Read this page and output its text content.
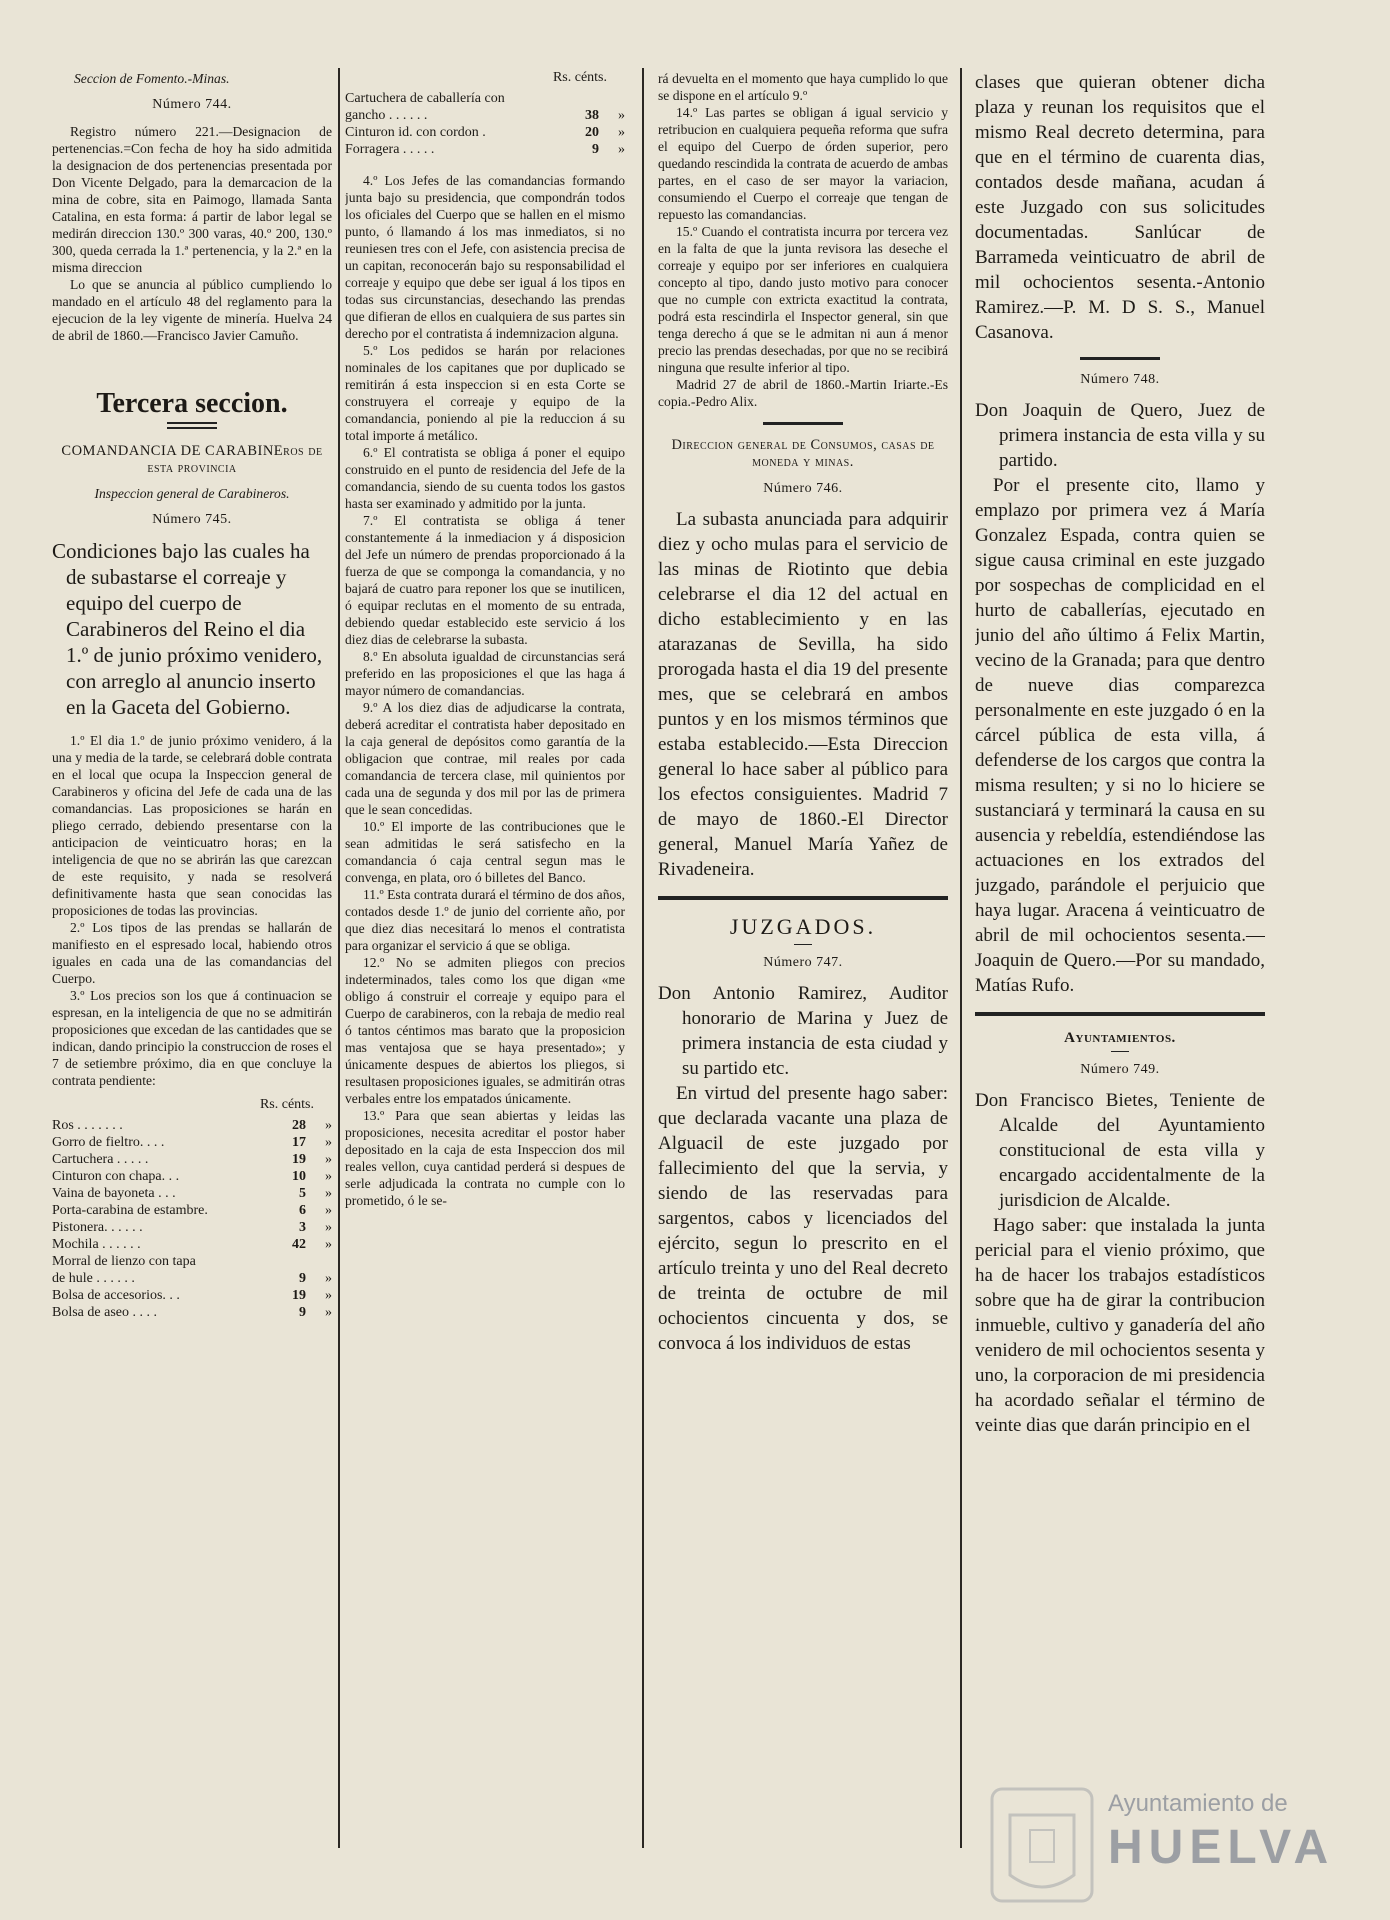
Seccion de Fomento.-Minas.

Número 744.

Registro número 221.—Designacion de pertenencias.=Con fecha de hoy ha sido admitida la designacion de dos pertenencias presentada por Don Vicente Delgado, para la demarcacion de la mina de cobre, sita en Paimogo, llamada Santa Catalina, en esta forma: á partir de labor legal se medirán direccion 130.º 300 varas, 40.º 200, 130.º 300, queda cerrada la 1.ª pertenencia, y la 2.ª en la misma direccion

Lo que se anuncia al público cumpliendo lo mandado en el artículo 48 del reglamento para la ejecucion de la ley vigente de minería. Huelva 24 de abril de 1860.—Francisco Javier Camuño.

Tercera seccion.

COMANDANCIA DE CARABINEros de esta provincia

Inspeccion general de Carabineros.

Número 745.

Condiciones bajo las cuales ha de subastarse el correaje y equipo del cuerpo de Carabineros del Reino el dia 1.º de junio próximo venidero, con arreglo al anuncio inserto en la Gaceta del Gobierno.

1.º El dia 1.º de junio próximo venidero, á la una y media de la tarde, se celebrará doble contrata en el local que ocupa la Inspeccion general de Carabineros y oficina del Jefe de cada una de las comandancias. Las proposiciones se harán en pliego cerrado, debiendo presentarse con la anticipacion de veinticuatro horas; en la inteligencia de que no se abrirán las que carezcan de este requisito, y nada se resolverá definitivamente hasta que sean conocidas las proposiciones de todas las provincias.

2.º Los tipos de las prendas se hallarán de manifiesto en el espresado local, habiendo otros iguales en cada una de las comandancias del Cuerpo.

3.º Los precios son los que á continuacion se espresan, en la inteligencia de que no se admitirán proposiciones que excedan de las cantidades que se indican, dando principio la construccion de roses el 7 de setiembre próximo, dia en que concluye la contrata pendiente:

Rs. cénts.
Ros . . . . . . .	28	»
Gorro de fieltro. . . .	17	»
Cartuchera . . . . .	19	»
Cinturon con chapa. . .	10	»
Vaina de bayoneta . . .	5	»
Porta-carabina de estambre.	6	»
Pistonera. . . . . .	3	»
Mochila . . . . . .	42	»
Morral de lienzo con tapa		
de hule . . . . . .	9	»
Bolsa de accesorios. . .	19	»
Bolsa de aseo . . . .	9	»
Rs. cénts.
Cartuchera de caballería con		
gancho . . . . . .	38	»
Cinturon id. con cordon .	20	»
Forragera . . . . .	9	»

4.º Los Jefes de las comandancias formando junta bajo su presidencia, que compondrán todos los oficiales del Cuerpo que se hallen en el mismo punto, ó llamando á los mas inmediatos, si no reuniesen tres con el Jefe, con asistencia precisa de un capitan, reconocerán bajo su responsabilidad el correaje y equipo que debe ser igual á los tipos en todas sus circunstancias, desechando las prendas que difieran de ellos en cualquiera de sus partes sin derecho por el contratista á indemnizacion alguna.

5.º Los pedidos se harán por relaciones nominales de los capitanes que por duplicado se remitirán á esta inspeccion si en esta Corte se construyera el correaje y equipo de la comandancia, poniendo al pie la reduccion á su total importe á metálico.

6.º El contratista se obliga á poner el equipo construido en el punto de residencia del Jefe de la comandancia, siendo de su cuenta todos los gastos hasta ser examinado y admitido por la junta.

7.º El contratista se obliga á tener constantemente á la inmediacion y á disposicion del Jefe un número de prendas proporcionado á la fuerza de que se componga la comandancia, y no bajará de cuatro para reponer los que se inutilicen, ó equipar reclutas en el momento de su entrada, debiendo quedar establecido este servicio á los diez dias de celebrarse la subasta.

8.º En absoluta igualdad de circunstancias será preferido en las proposiciones el que las haga á mayor número de comandancias.

9.º A los diez dias de adjudicarse la contrata, deberá acreditar el contratista haber depositado en la caja general de depósitos como garantía de la obligacion que contrae, mil reales por cada comandancia de tercera clase, mil quinientos por cada una de segunda y dos mil por las de primera que le sean concedidas.

10.º El importe de las contribuciones que le sean admitidas le será satisfecho en la comandancia ó caja central segun mas le convenga, en plata, oro ó billetes del Banco.

11.º Esta contrata durará el término de dos años, contados desde 1.º de junio del corriente año, por que diez dias necesitará lo menos el contratista para organizar el servicio á que se obliga.

12.º No se admiten pliegos con precios indeterminados, tales como los que digan «me obligo á construir el correaje y equipo para el Cuerpo de carabineros, con la rebaja de medio real ó tantos céntimos mas barato que la proposicion mas ventajosa que se haya presentado»; y únicamente despues de abiertos los pliegos, si resultasen proposiciones iguales, se admitirán otras verbales entre los empatados únicamente.

13.º Para que sean abiertas y leidas las proposiciones, necesita acreditar el postor haber depositado en la caja de esta Inspeccion dos mil reales vellon, cuya cantidad perderá si despues de serle adjudicada la contrata no cumple con lo prometido, ó le se-

rá devuelta en el momento que haya cumplido lo que se dispone en el artículo 9.º

14.º Las partes se obligan á igual servicio y retribucion en cualquiera pequeña reforma que sufra el equipo del Cuerpo de órden superior, pero quedando rescindida la contrata de acuerdo de ambas partes, en el caso de ser mayor la variacion, consumiendo el Cuerpo el correaje que tengan de repuesto las comandancias.

15.º Cuando el contratista incurra por tercera vez en la falta de que la junta revisora las deseche el correaje y equipo por ser inferiores en cualquiera concepto al tipo, dando justo motivo para conocer que no cumple con extricta exactitud la contrata, podrá esta rescindirla el Inspector general, sin que tenga derecho á que se le admitan ni aun á menor precio las prendas desechadas, por que no se recibirá ninguna que resulte inferior al tipo.

Madrid 27 de abril de 1860.-Martin Iriarte.-Es copia.-Pedro Alix.

Direccion general de Consumos, casas de moneda y minas.

Número 746.

La subasta anunciada para adquirir diez y ocho mulas para el servicio de las minas de Riotinto que debia celebrarse el dia 12 del actual en dicho establecimiento y en las atarazanas de Sevilla, ha sido prorogada hasta el dia 19 del presente mes, que se celebrará en ambos puntos y en los mismos términos que estaba establecido.—Esta Direccion general lo hace saber al público para los efectos consiguientes. Madrid 7 de mayo de 1860.-El Director general, Manuel María Yañez de Rivadeneira.

JUZGADOS.
Número 747.

Don Antonio Ramirez, Auditor honorario de Marina y Juez de primera instancia de esta ciudad y su partido etc.

En virtud del presente hago saber: que declarada vacante una plaza de Alguacil de este juzgado por fallecimiento del que la servia, y siendo de las reservadas para sargentos, cabos y licenciados del ejército, segun lo prescrito en el artículo treinta y uno del Real decreto de treinta de octubre de mil ochocientos cincuenta y dos, se convoca á los individuos de estas

clases que quieran obtener dicha plaza y reunan los requisitos que el mismo Real decreto determina, para que en el término de cuarenta dias, contados desde mañana, acudan á este Juzgado con sus solicitudes documentadas. Sanlúcar de Barrameda veinticuatro de abril de mil ochocientos sesenta.-Antonio Ramirez.—P. M. D S. S., Manuel Casanova.

Número 748.

Don Joaquin de Quero, Juez de primera instancia de esta villa y su partido.

Por el presente cito, llamo y emplazo por primera vez á María Gonzalez Espada, contra quien se sigue causa criminal en este juzgado por sospechas de complicidad en el hurto de caballerías, ejecutado en junio del año último á Felix Martin, vecino de la Granada; para que dentro de nueve dias comparezca personalmente en este juzgado ó en la cárcel pública de esta villa, á defenderse de los cargos que contra la misma resulten; y si no lo hiciere se sustanciará y terminará la causa en su ausencia y rebeldía, estendiéndose las actuaciones en los extrados del juzgado, parándole el perjuicio que haya lugar. Aracena á veinticuatro de abril de mil ochocientos sesenta.—Joaquin de Quero.—Por su mandado, Matías Rufo.

Ayuntamientos.
Número 749.

Don Francisco Bietes, Teniente de Alcalde del Ayuntamiento constitucional de esta villa y encargado accidentalmente de la jurisdicion de Alcalde.

Hago saber: que instalada la junta pericial para el vienio próximo, que ha de hacer los trabajos estadísticos sobre que ha de girar la contribucion inmueble, cultivo y ganadería del año venidero de mil ochocientos sesenta y uno, la corporacion de mi presidencia ha acordado señalar el término de veinte dias que darán principio en el

Ayuntamiento de
HUELVA
